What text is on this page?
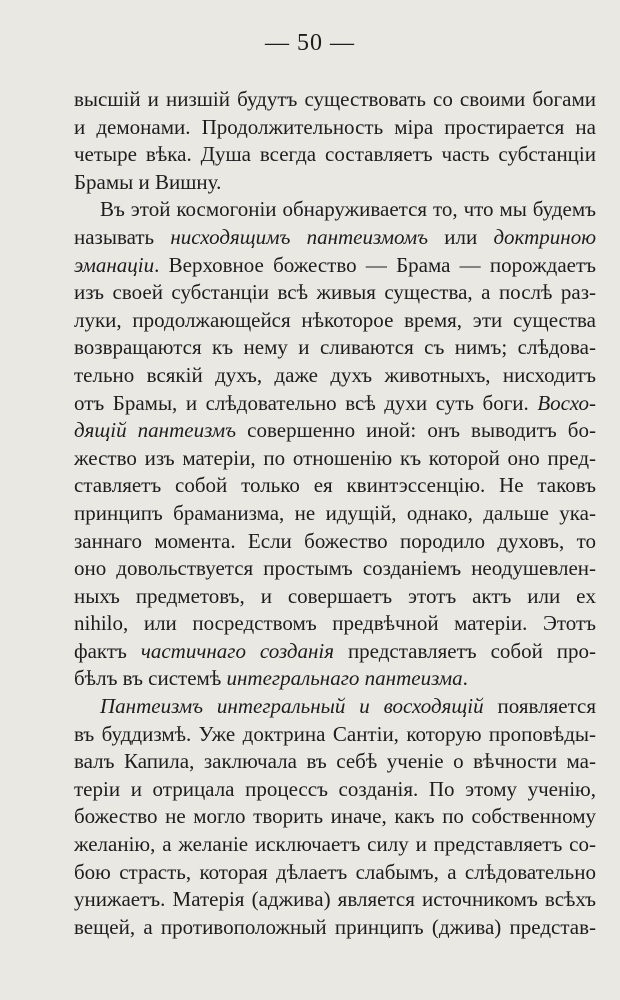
— 50 —
высшій и низшій будутъ существовать со своими богами
и демонами. Продолжительность міра простирается на
четыре вѣка. Душа всегда составляетъ часть субстанціи
Брамы и Вишну.
Въ этой космогоніи обнаруживается то, что мы будемъ
называть нисходящимъ пантеизмомъ или доктриною
эманаціи. Верховное божество — Брама — порождаетъ
изъ своей субстанціи всѣ живыя существа, а послѣ раз-
луки, продолжающейся нѣкоторое время, эти существа
возвращаются къ нему и сливаются съ нимъ; слѣдова-
тельно всякій духъ, даже духъ животныхъ, нисходитъ
отъ Брамы, и слѣдовательно всѣ духи суть боги. Восхо-
дящій пантеизмъ совершенно иной: онъ выводитъ бо-
жество изъ матеріи, по отношенію къ которой оно пред-
ставляетъ собой только ея квинтэссенцію. Не таковъ
принципъ браманизма, не идущій, однако, дальше ука-
заннаго момента. Если божество породило духовъ, то
оно довольствуется простымъ созданіемъ неодушевлен-
ныхъ предметовъ, и совершаетъ этотъ актъ или ex
nihilo, или посредствомъ предвѣчной матеріи. Этотъ
фактъ частичнаго созданія представляетъ собой про-
бѣлъ въ системѣ интегральнаго пантеизма.
Пантеизмъ интегральный и восходящій появляется
въ буддизмѣ. Уже доктрина Сантіи, которую проповѣды-
валъ Капила, заключала въ себѣ ученіе о вѣчности ма-
теріи и отрицала процессъ созданія. По этому ученію,
божество не могло творить иначе, какъ по собственному
желанію, а желаніе исключаетъ силу и представляетъ со-
бою страсть, которая дѣлаетъ слабымъ, а слѣдовательно
унижаетъ. Матерія (адживa) является источникомъ всѣхъ
вещей, а противоположный принципъ (джива) представ-
